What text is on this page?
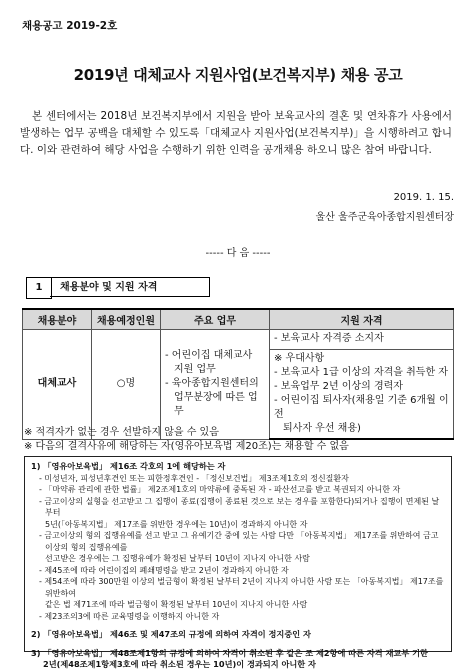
채용공고 2019-2호
2019년 대체교사 지원사업(보건복지부) 채용 공고

본 센터에서는 2018년 보건복지부에서 지원을 받아 보육교사의 결혼 및 연차휴가 사용에서 발생하는 업무 공백을 대체할 수 있도록「대체교사 지원사업(보건복지부)」을 시행하려고 합니다. 이와 관련하여 해당 사업을 수행하기 위한 인력을 공개채용 하오니 많은 참여 바랍니다.

2019. 1. 15.
울산 울주군육아종합지원센터장
----- 다 음 -----
1	채용분야 및 지원 자격
채용분야	채용예정인원	주요 업무	지원 자격
대체교사	○명	- 어린이집 대체교사
지원 업무
- 육아종합지원센터의
업무분장에 따른 업무	- 보육교사 자격증 소지자

			※ 우대사항
- 보육교사 1급 이상의 자격을 취득한 자
- 보육업무 2년 이상의 경력자
- 어린이집 퇴사자(채용일 기준 6개월 이전
퇴사자 우선 채용)
※ 적격자가 없는 경우 선발하지 않을 수 있음
※ 다음의 결격사유에 해당하는 자(영유아보육법 제20조)는 채용할 수 없음
1) 「영유아보육법」 제16조 각호의 1에 해당하는 자
- 미성년자, 피성년후견인 또는 피한정후견인 - 「정신보건법」 제3조제1호의 정신질환자
- 「마약류 관리에 관한 법률」 제2조제1호의 마약류에 중독된 자 - 파산선고를 받고 복권되지 아니한 자
- 금고이상의 실형을 선고받고 그 집행이 종료(집행이 종료된 것으로 보는 경우를 포함한다)되거나 집행이 면제된 날부터
5년(「아동복지법」 제17조를 위반한 경우에는 10년)이 경과하지 아니한 자
- 금고이상의 형의 집행유예를 선고 받고 그 유예기간 중에 있는 사람 다만 「아동복지법」 제17조를 위반하여 금고 이상의 형의 집행유예를
선고받은 경우에는 그 집행유예가 확정된 날부터 10년이 지나지 아니한 사람
- 제45조에 따라 어린이집의 폐쇄명령을 받고 2년이 경과하지 아니한 자
- 제54조에 따라 300만원 이상의 벌금형이 확정된 날부터 2년이 지나지 아니한 사람 또는 「아동복지법」 제17조를 위반하여
같은 법 제71조에 따라 벌금형이 확정된 날부터 10년이 지나지 아니한 사람
- 제23조의3에 따른 교육명령을 이행하지 아니한 자
2) 「영유아보육법」 제46조 및 제47조의 규정에 의하여 자격이 정지중인 자
3) 「영유아보육법」 제48조제1항의 규정에 의하여 자격이 취소된 후 같은 조 제2항에 따른 자격 재교부 기한
2년(제48조제1항제3호에 따라 취소된 경우는 10년)이 경과되지 아니한 자
